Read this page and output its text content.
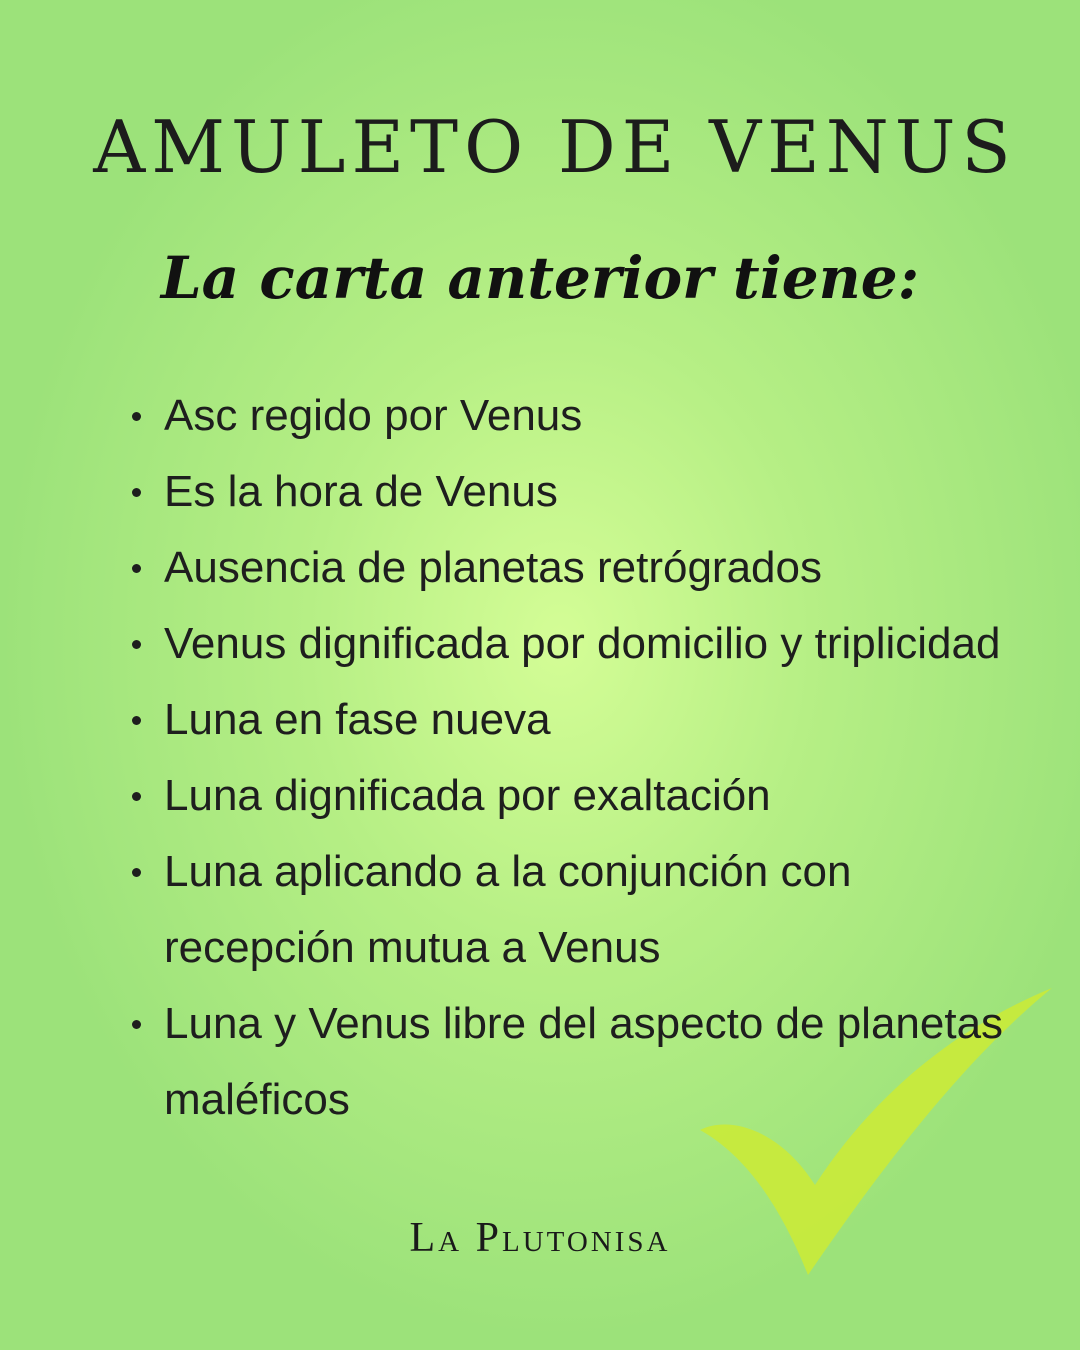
AMULETO DE VENUS
La carta anterior tiene:
Asc regido por Venus
Es la hora de Venus
Ausencia de planetas retrógrados
Venus dignificada por domicilio y triplicidad
Luna en fase nueva
Luna dignificada por exaltación
Luna aplicando a la conjunción con recepción mutua a Venus
Luna y Venus libre del aspecto de planetas maléficos
La Plutonisa
